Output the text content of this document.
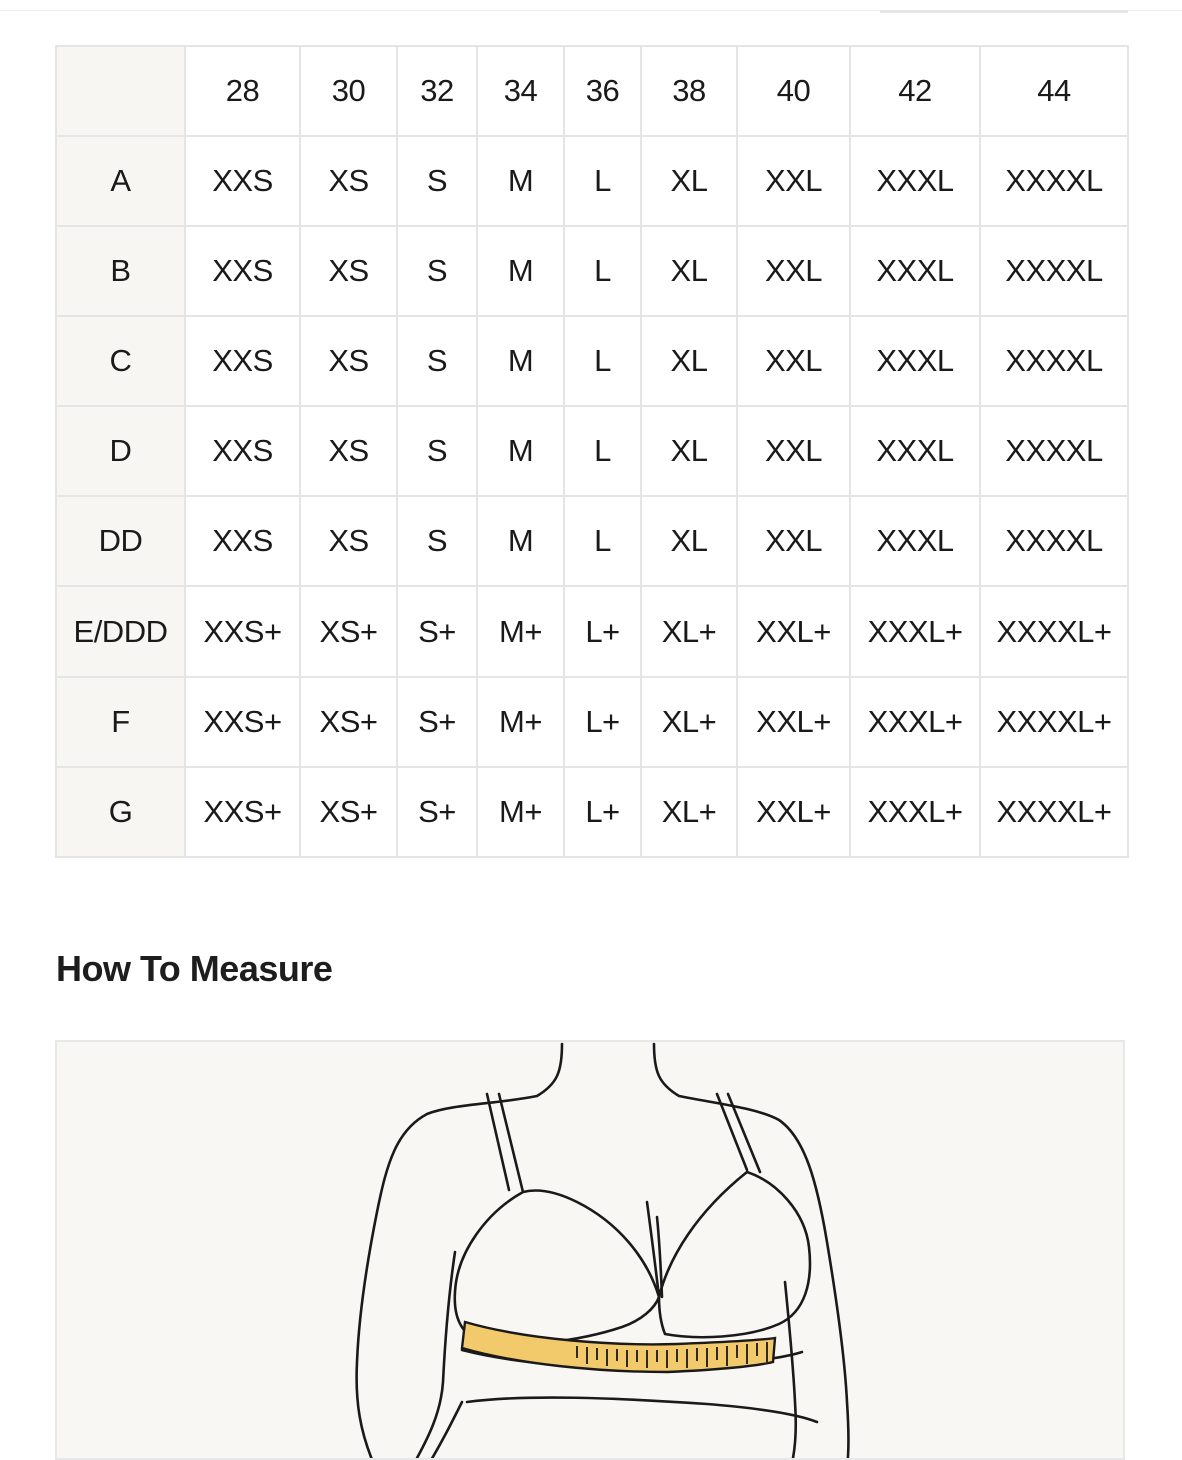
	28	30	32	34	36	38	40	42	44
A	XXS	XS	S	M	L	XL	XXL	XXXL	XXXXL
B	XXS	XS	S	M	L	XL	XXL	XXXL	XXXXL
C	XXS	XS	S	M	L	XL	XXL	XXXL	XXXXL
D	XXS	XS	S	M	L	XL	XXL	XXXL	XXXXL
DD	XXS	XS	S	M	L	XL	XXL	XXXL	XXXXL
E/DDD	XXS+	XS+	S+	M+	L+	XL+	XXL+	XXXL+	XXXXL+
F	XXS+	XS+	S+	M+	L+	XL+	XXL+	XXXL+	XXXXL+
G	XXS+	XS+	S+	M+	L+	XL+	XXL+	XXXL+	XXXXL+
How To Measure
